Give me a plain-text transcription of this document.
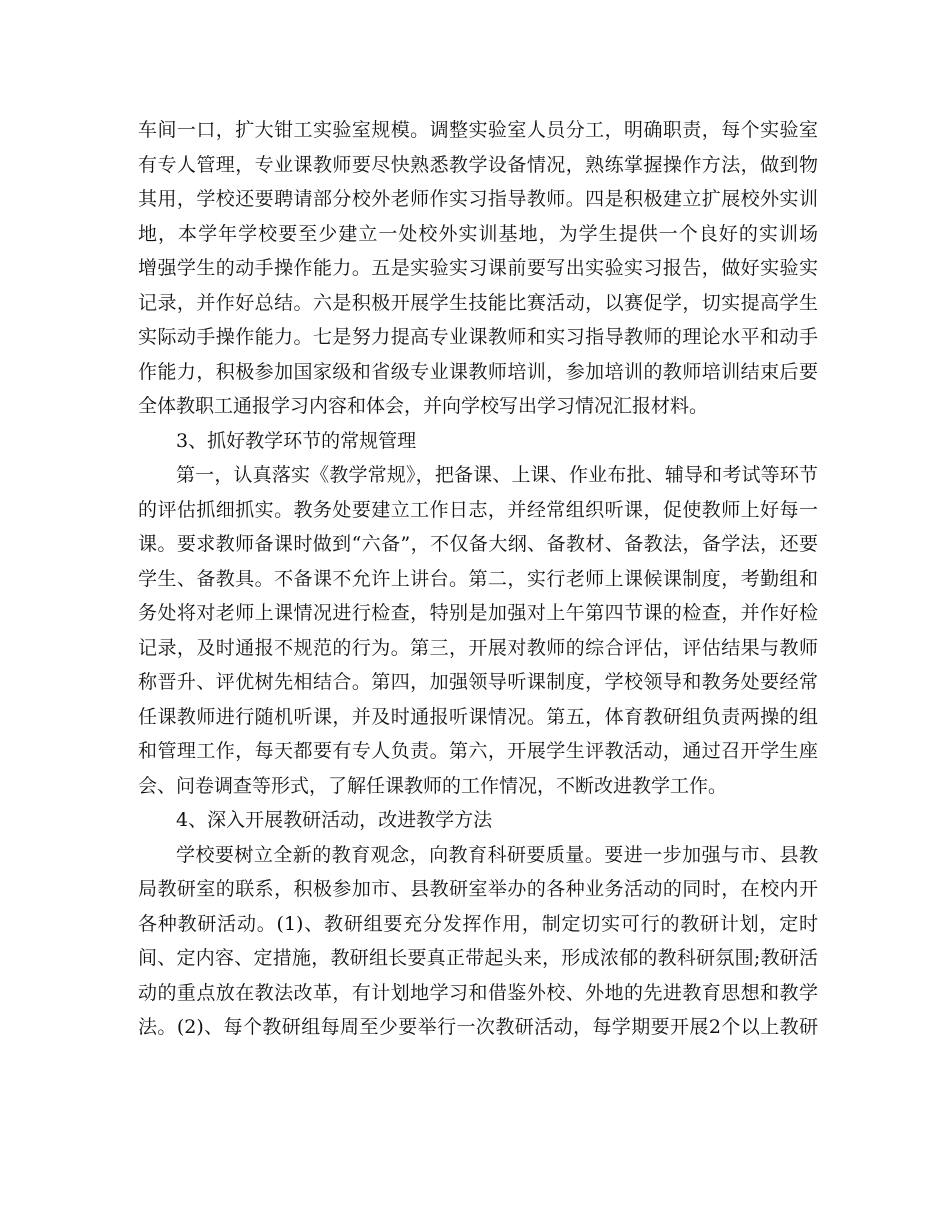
车间一口，扩大钳工实验室规模。调整实验室人员分工，明确职责，每个实验室
有专人管理，专业课教师要尽快熟悉教学设备情况，熟练掌握操作方法，做到物
其用，学校还要聘请部分校外老师作实习指导教师。四是积极建立扩展校外实训
地，本学年学校要至少建立一处校外实训基地，为学生提供一个良好的实训场
增强学生的动手操作能力。五是实验实习课前要写出实验实习报告，做好实验实
记录，并作好总结。六是积极开展学生技能比赛活动，以赛促学，切实提高学生
实际动手操作能力。七是努力提高专业课教师和实习指导教师的理论水平和动手
作能力，积极参加国家级和省级专业课教师培训，参加培训的教师培训结束后要
全体教职工通报学习内容和体会，并向学校写出学习情况汇报材料。
3、抓好教学环节的常规管理
第一，认真落实《教学常规》，把备课、上课、作业布批、辅导和考试等环节
的评估抓细抓实。教务处要建立工作日志，并经常组织听课，促使教师上好每一
课。要求教师备课时做到“六备”，不仅备大纲、备教材、备教法，备学法，还要
学生、备教具。不备课不允许上讲台。第二，实行老师上课候课制度，考勤组和
务处将对老师上课情况进行检查，特别是加强对上午第四节课的检查，并作好检
记录，及时通报不规范的行为。第三，开展对教师的综合评估，评估结果与教师
称晋升、评优树先相结合。第四，加强领导听课制度，学校领导和教务处要经常
任课教师进行随机听课，并及时通报听课情况。第五，体育教研组负责两操的组
和管理工作，每天都要有专人负责。第六，开展学生评教活动，通过召开学生座
会、问卷调查等形式，了解任课教师的工作情况，不断改进教学工作。
4、深入开展教研活动，改进教学方法
学校要树立全新的教育观念，向教育科研要质量。要进一步加强与市、县教
局教研室的联系，积极参加市、县教研室举办的各种业务活动的同时，在校内开
各种教研活动。(1)、教研组要充分发挥作用，制定切实可行的教研计划，定时
间、定内容、定措施，教研组长要真正带起头来，形成浓郁的教科研氛围;教研活
动的重点放在教法改革，有计划地学习和借鉴外校、外地的先进教育思想和教学
法。(2)、每个教研组每周至少要举行一次教研活动，每学期要开展2个以上教研
